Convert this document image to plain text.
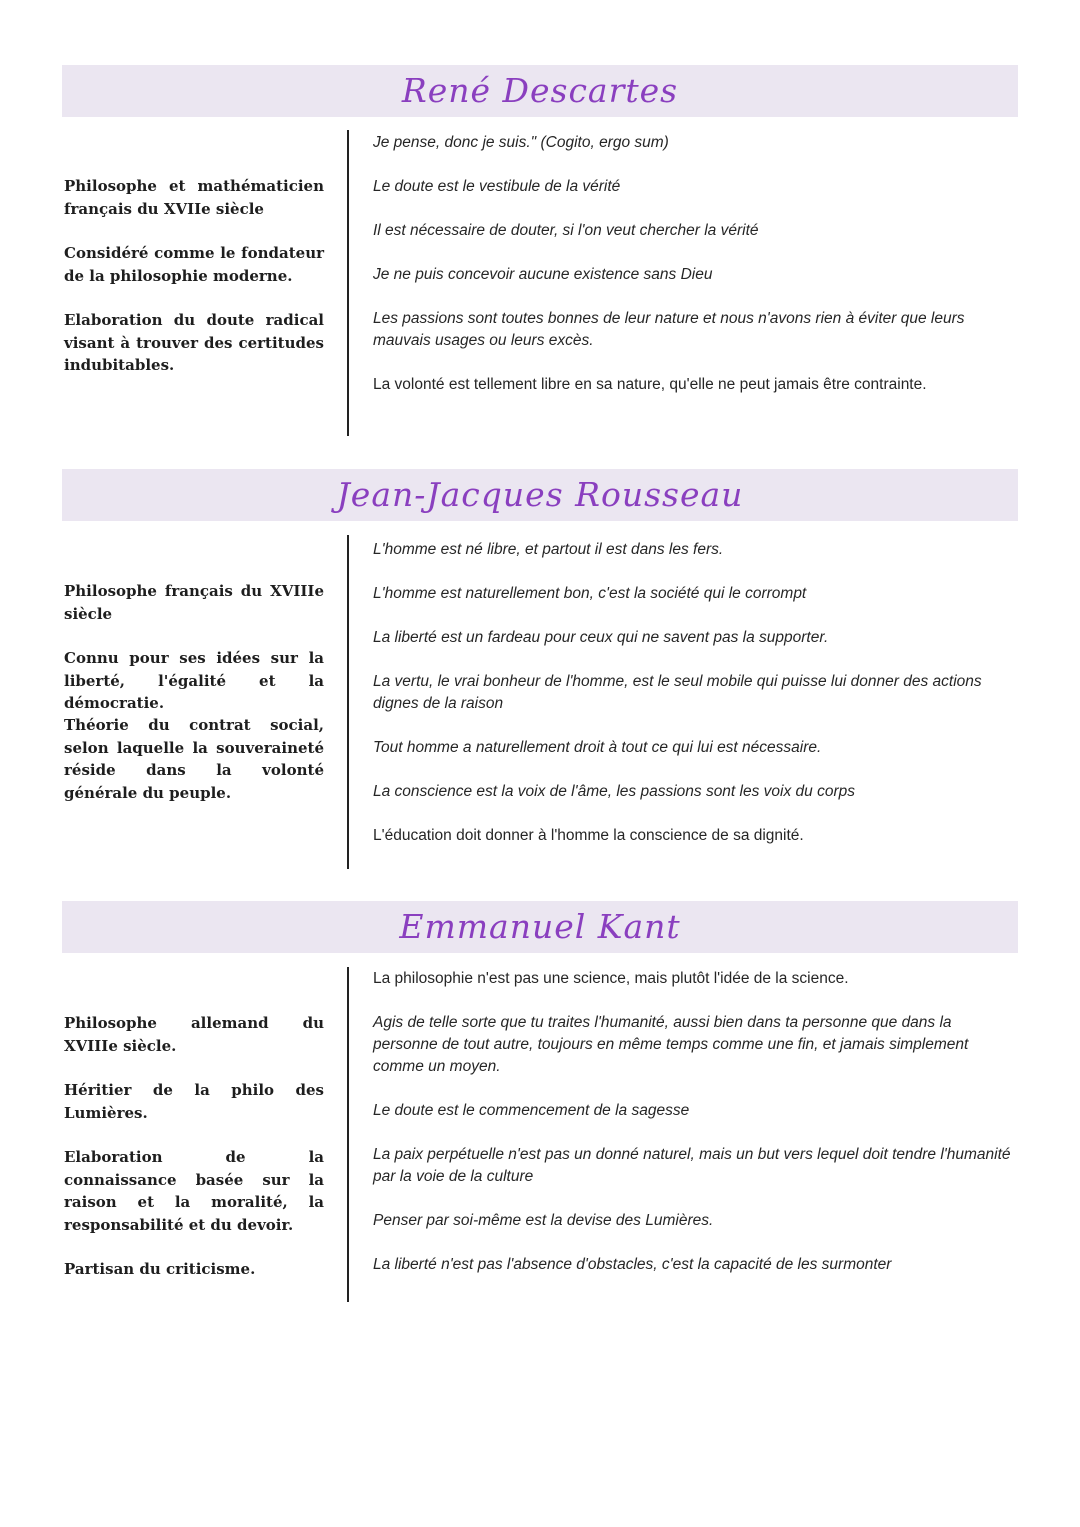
René Descartes
Philosophe et mathématicien français du XVIIe siècle
Considéré comme le fondateur de la philosophie moderne.
Elaboration du doute radical visant à trouver des certitudes indubitables.
Je pense, donc je suis." (Cogito, ergo sum)
Le doute est le vestibule de la vérité
Il est nécessaire de douter, si l'on veut chercher la vérité
Je ne puis concevoir aucune existence sans Dieu
Les passions sont toutes bonnes de leur nature et nous n'avons rien à éviter que leurs mauvais usages ou leurs excès.
La volonté est tellement libre en sa nature, qu'elle ne peut jamais être contrainte.
Jean-Jacques Rousseau
Philosophe français du XVIIIe siècle
Connu pour ses idées sur la liberté, l'égalité et la démocratie.
Théorie du contrat social, selon laquelle la souveraineté réside dans la volonté générale du peuple.
L'homme est né libre, et partout il est dans les fers.
L'homme est naturellement bon, c'est la société qui le corrompt
La liberté est un fardeau pour ceux qui ne savent pas la supporter.
La vertu, le vrai bonheur de l'homme, est le seul mobile qui puisse lui donner des actions dignes de la raison
Tout homme a naturellement droit à tout ce qui lui est nécessaire.
La conscience est la voix de l'âme, les passions sont les voix du corps
L'éducation doit donner à l'homme la conscience de sa dignité.
Emmanuel Kant
Philosophe allemand du XVIIIe siècle.
Héritier de la philo des Lumières.
Elaboration de la connaissance basée sur la raison et la moralité, la responsabilité et du devoir.
Partisan du criticisme.
La philosophie n'est pas une science, mais plutôt l'idée de la science.
Agis de telle sorte que tu traites l'humanité, aussi bien dans ta personne que dans la personne de tout autre, toujours en même temps comme une fin, et jamais simplement comme un moyen.
Le doute est le commencement de la sagesse
La paix perpétuelle n'est pas un donné naturel, mais un but vers lequel doit tendre l'humanité par la voie de la culture
Penser par soi-même est la devise des Lumières.
La liberté n'est pas l'absence d'obstacles, c'est la capacité de les surmonter
